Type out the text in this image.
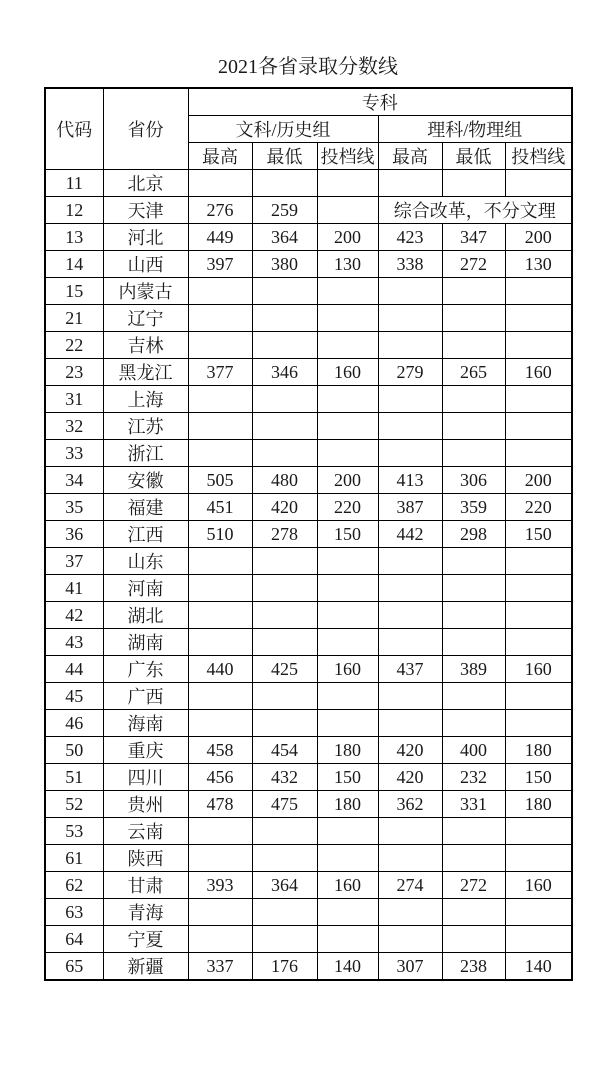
2021各省录取分数线
代码	省份	专科					
		文科/历史组			理科/物理组		
		最高	最低	投档线	最高	最低	投档线
11	北京						
12	天津	276	259		综合改革，不分文理		
13	河北	449	364	200	423	347	200
14	山西	397	380	130	338	272	130
15	内蒙古						
21	辽宁						
22	吉林						
23	黑龙江	377	346	160	279	265	160
31	上海						
32	江苏						
33	浙江						
34	安徽	505	480	200	413	306	200
35	福建	451	420	220	387	359	220
36	江西	510	278	150	442	298	150
37	山东						
41	河南						
42	湖北						
43	湖南						
44	广东	440	425	160	437	389	160
45	广西						
46	海南						
50	重庆	458	454	180	420	400	180
51	四川	456	432	150	420	232	150
52	贵州	478	475	180	362	331	180
53	云南						
61	陕西						
62	甘肃	393	364	160	274	272	160
63	青海						
64	宁夏						
65	新疆	337	176	140	307	238	140
